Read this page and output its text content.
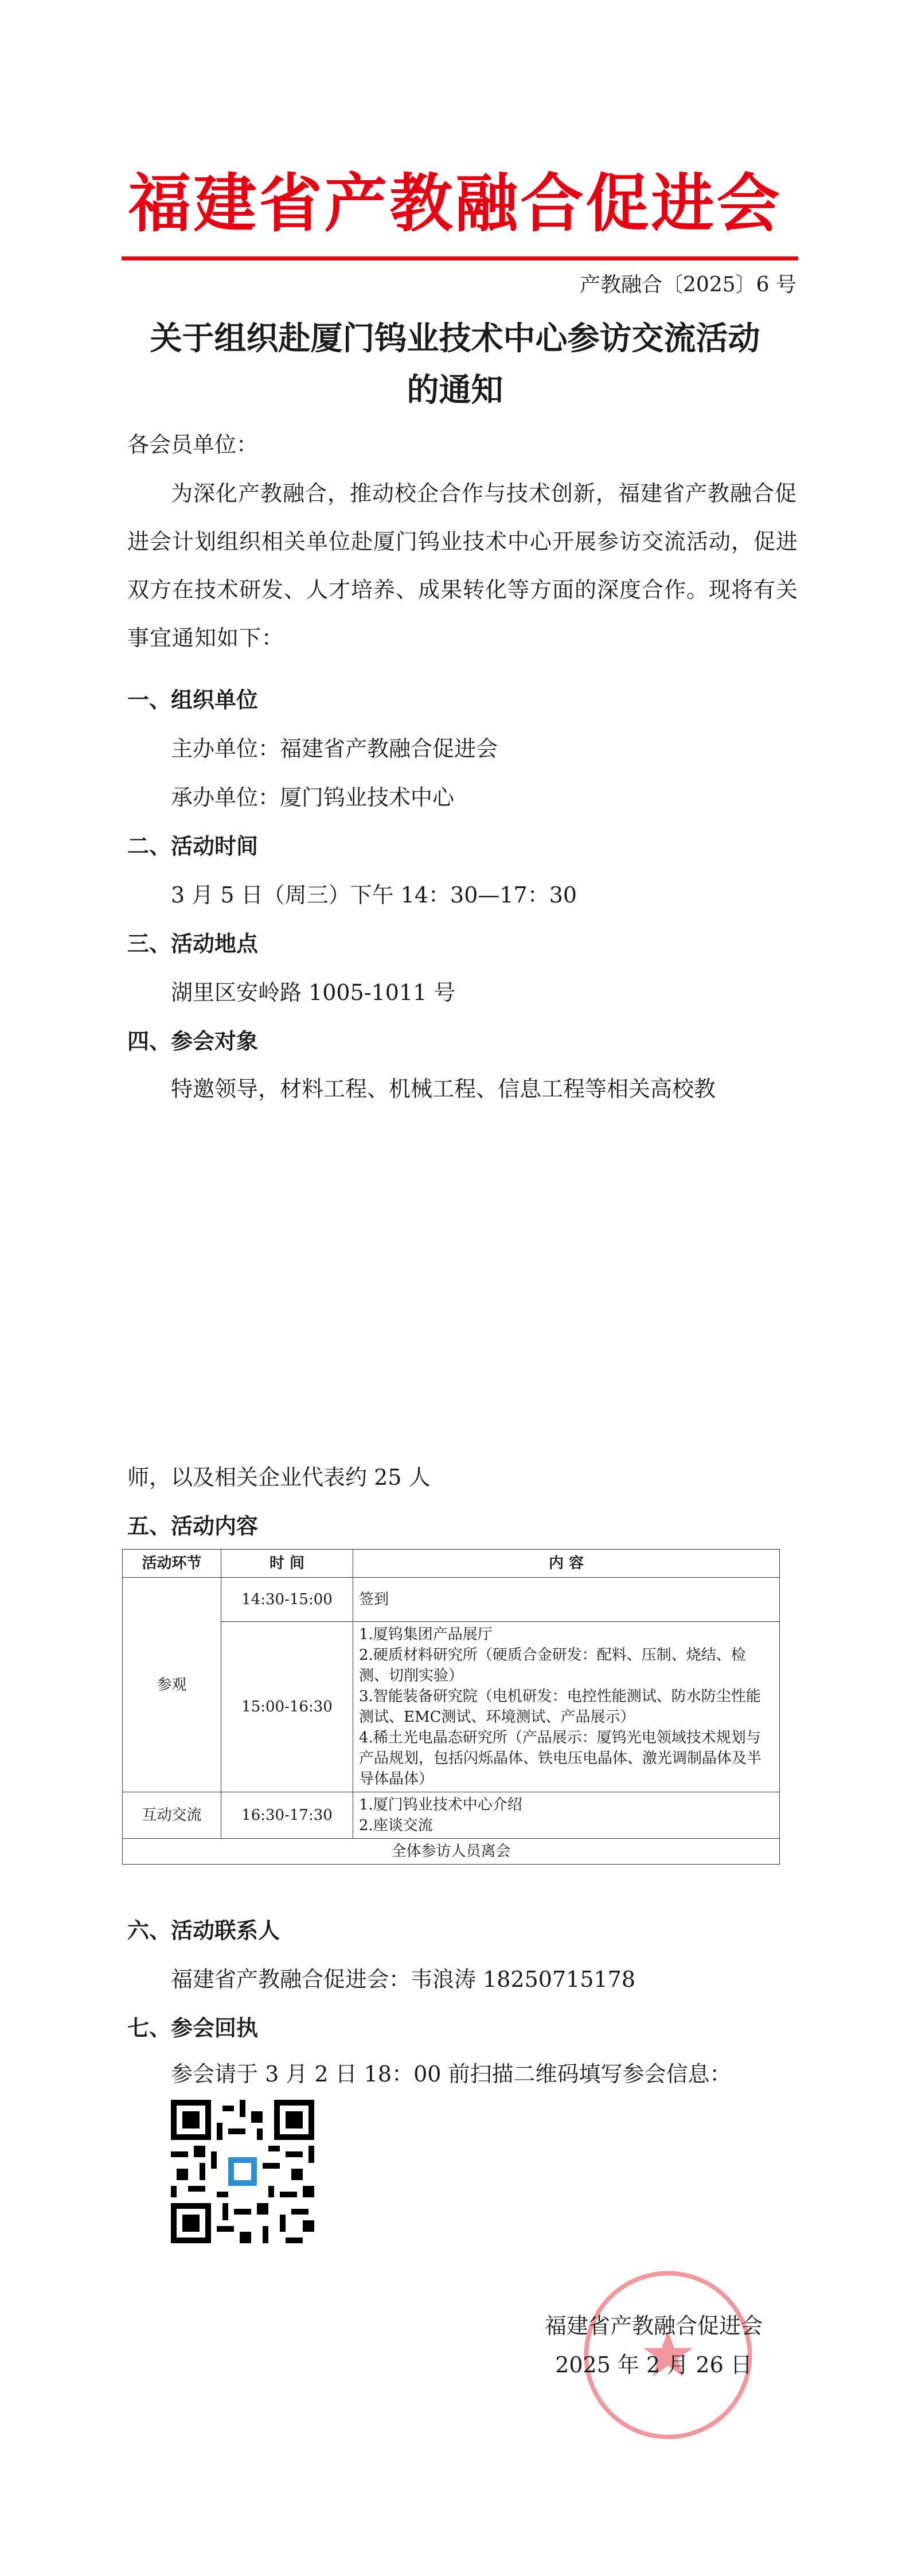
福建省产教融合促进会
产教融合〔2025〕6 号
关于组织赴厦门钨业技术中心参访交流活动
的通知
各会员单位：
为深化产教融合，推动校企合作与技术创新，福建省产教融合促进会计划组织相关单位赴厦门钨业技术中心开展参访交流活动，促进双方在技术研发、人才培养、成果转化等方面的深度合作。现将有关事宜通知如下：
一、组织单位
主办单位：福建省产教融合促进会
承办单位：厦门钨业技术中心
二、活动时间
3 月 5 日（周三）下午 14：30—17：30
三、活动地点
湖里区安岭路 1005-1011 号
四、参会对象
特邀领导，材料工程、机械工程、信息工程等相关高校教
师，以及相关企业代表约 25 人
五、活动内容
活动环节	时 间	内 容
参观	14:30-15:00	签到
	15:00-16:30	1.厦钨集团产品展厅
2.硬质材料研究所（硬质合金研发：配料、压制、烧结、检测、切削实验）
3.智能装备研究院（电机研发：电控性能测试、防水防尘性能测试、EMC测试、环境测试、产品展示）
4.稀土光电晶态研究所（产品展示：厦钨光电领域技术规划与产品规划，包括闪烁晶体、铁电压电晶体、激光调制晶体及半导体晶体）

互动交流	16:30-17:30	1.厦门钨业技术中心介绍
2.座谈交流

全体参访人员离会		
六、活动联系人
福建省产教融合促进会：韦浪涛 18250715178
七、参会回执
参会请于 3 月 2 日 18：00 前扫描二维码填写参会信息：
福建省产教融合促进会
2025 年 2 月 26 日
